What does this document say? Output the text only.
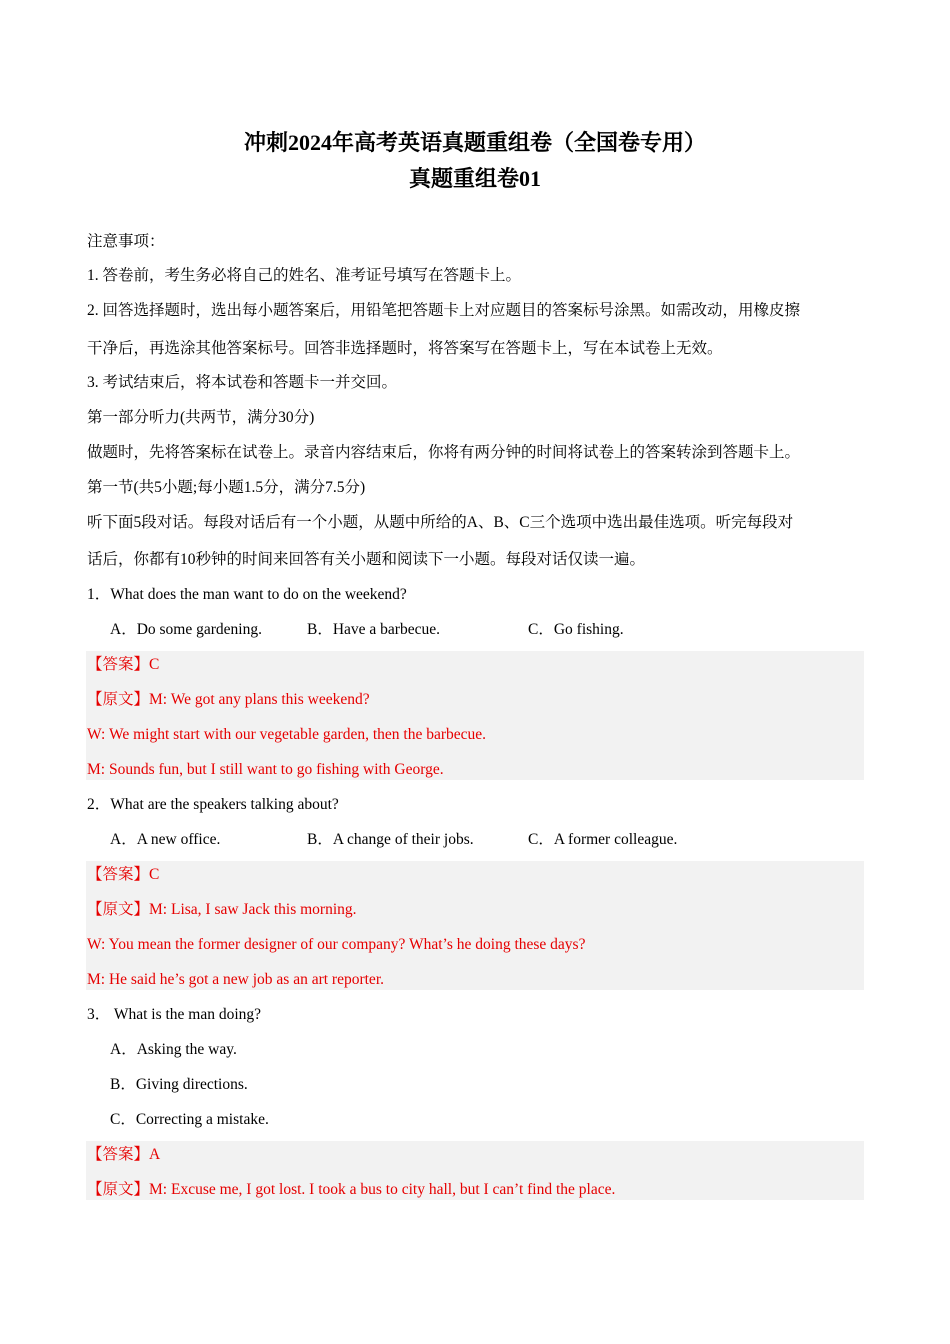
冲刺2024年高考英语真题重组卷（全国卷专用）
真题重组卷01
注意事项：
1. 答卷前，考生务必将自己的姓名、准考证号填写在答题卡上。
2. 回答选择题时，选出每小题答案后，用铅笔把答题卡上对应题目的答案标号涂黑。如需改动，用橡皮擦
干净后，再选涂其他答案标号。回答非选择题时，将答案写在答题卡上，写在本试卷上无效。
3. 考试结束后，将本试卷和答题卡一并交回。
第一部分听力(共两节，满分30分)
做题时，先将答案标在试卷上。录音内容结束后，你将有两分钟的时间将试卷上的答案转涂到答题卡上。
第一节(共5小题;每小题1.5分，满分7.5分)
听下面5段对话。每段对话后有一个小题，从题中所给的A、B、C三个选项中选出最佳选项。听完每段对
话后，你都有10秒钟的时间来回答有关小题和阅读下一小题。每段对话仅读一遍。
1．What does the man want to do on the weekend?
A．Do some gardening.	B．Have a barbecue.	C．Go fishing.
【答案】C
【原文】M: We got any plans this weekend?
W: We might start with our vegetable garden, then the barbecue.
M: Sounds fun, but I still want to go fishing with George.
2．What are the speakers talking about?
A．A new office.	B．A change of their jobs.	C．A former colleague.
【答案】C
【原文】M: Lisa, I saw Jack this morning.
W: You mean the former designer of our company? What’s he doing these days?
M: He said he’s got a new job as an art reporter.
3． What is the man doing?
A．Asking the way.
B．Giving directions.
C．Correcting a mistake.
【答案】A
【原文】M: Excuse me, I got lost. I took a bus to city hall, but I can’t find the place.
